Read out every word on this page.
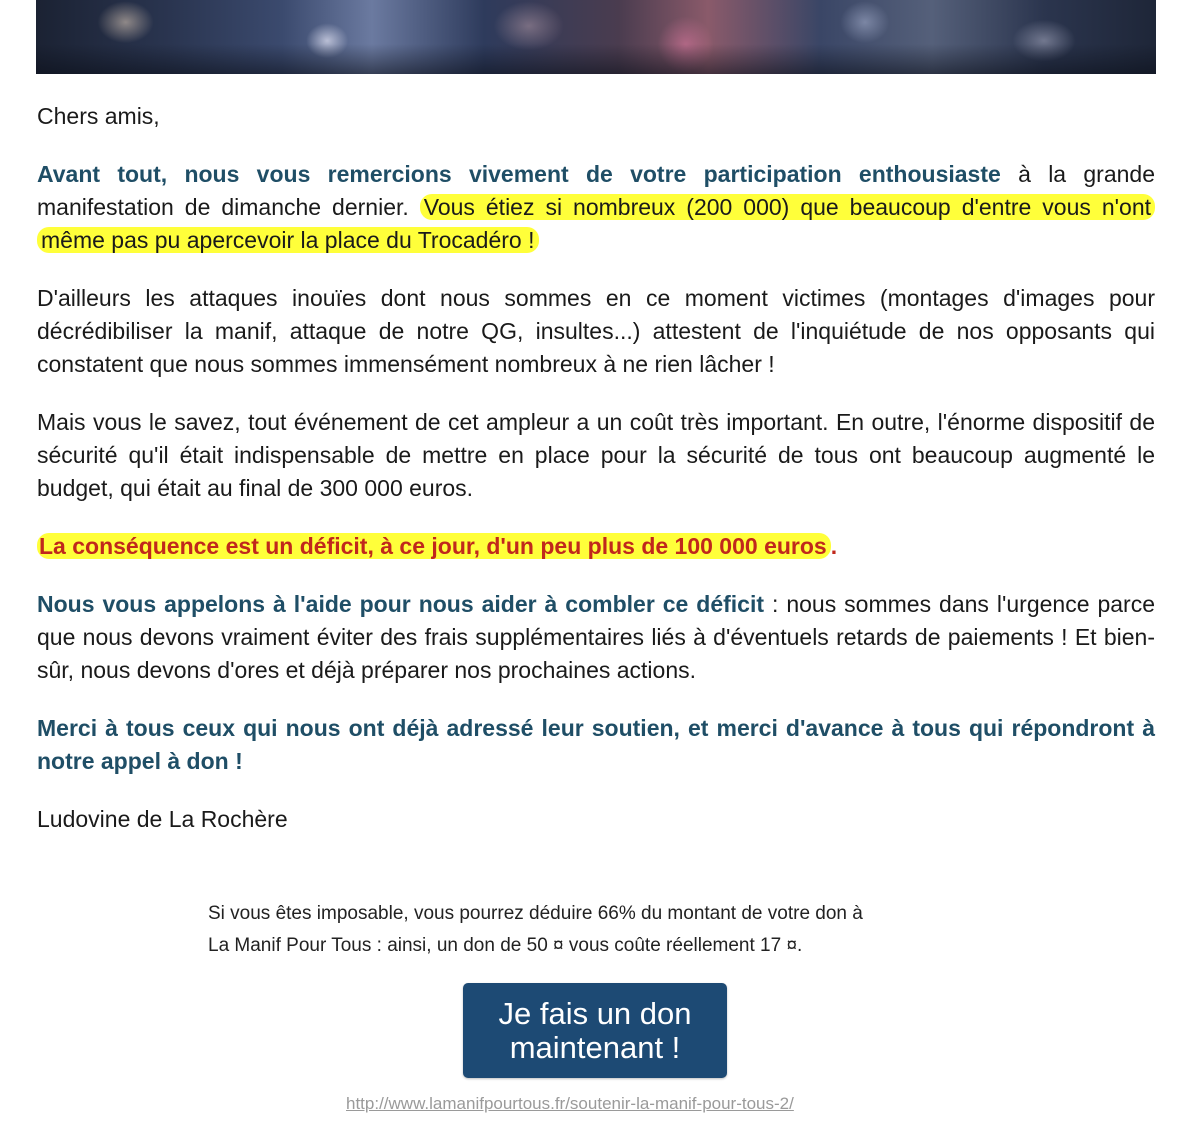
Chers amis,

Avant tout, nous vous remercions vivement de votre participation enthousiaste à la grande manifestation de dimanche dernier. Vous étiez si nombreux (200 000) que beaucoup d'entre vous n'ont même pas pu apercevoir la place du Trocadéro !

D'ailleurs les attaques inouïes dont nous sommes en ce moment victimes (montages d'images pour décrédibiliser la manif, attaque de notre QG, insultes...) attestent de l'inquiétude de nos opposants qui constatent que nous sommes immensément nombreux à ne rien lâcher !

Mais vous le savez, tout événement de cet ampleur a un coût très important. En outre, l'énorme dispositif de sécurité qu'il était indispensable de mettre en place pour la sécurité de tous ont beaucoup augmenté le budget, qui était au final de 300 000 euros.

La conséquence est un déficit, à ce jour, d'un peu plus de 100 000 euros .

Nous vous appelons à l'aide pour nous aider à combler ce déficit : nous sommes dans l'urgence parce que nous devons vraiment éviter des frais supplémentaires liés à d'éventuels retards de paiements ! Et bien-sûr, nous devons d'ores et déjà préparer nos prochaines actions.

Merci à tous ceux qui nous ont déjà adressé leur soutien, et merci d'avance à tous qui répondront à notre appel à don !

Ludovine de La Rochère

Si vous êtes imposable, vous pourrez déduire 66% du montant de votre don à
La Manif Pour Tous : ainsi, un don de 50 ¤ vous coûte réellement 17 ¤.
Je fais un don
maintenant !
http://www.lamanifpourtous.fr/soutenir-la-manif-pour-tous-2/
